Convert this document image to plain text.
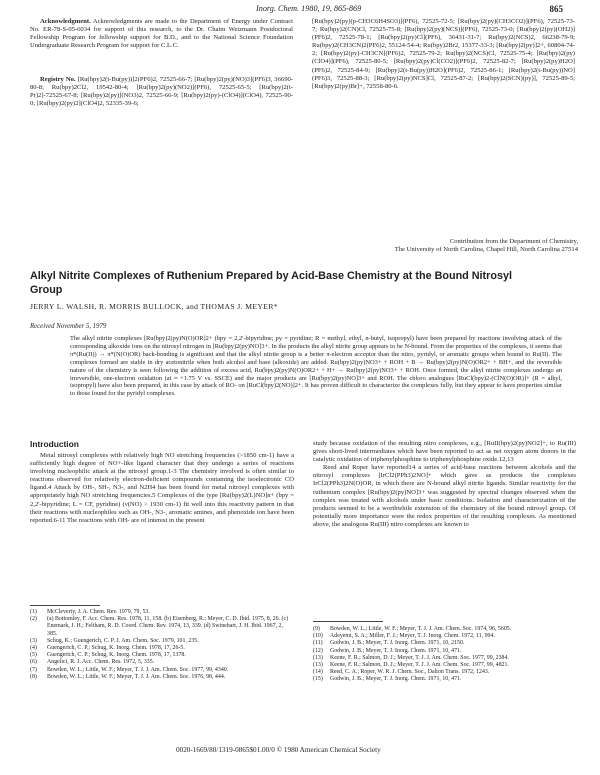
Inorg. Chem. 1980, 19, 865-869	865
Acknowledgment. Acknowledgments are made to the Department of Energy under Contract No. ER-78-S-05-6034 for support of this research, to the Dr. Chaim Weizmann Postdoctoral Fellowship Program for fellowship support for B.D., and to the National Science Foundation Undergraduate Research Program for support for C.L.C.
Registry No. [Ru(bpy)2(t-Bu(py))]2(PF6)2, 72525-66-7; [Ru(bpy)2(py)(NO)3](PF6)3, 36690-80-8; Ru(bpy)2Cl2, 19542-80-4; [Ru(bpy)2(py)(NO2)](PF6), 72525-65-5; [Ru(bpy)2(t-Pr)2]-72525-67-8; [Ru(bpy)2(py)](NO3)2, 72525-66-9; [Ru(bpy)2(py)-(ClO4)](ClO4), 72525-90-0; [Ru(bpy)2(py)2](ClO4)2, 52335-39-6;
[Ru(bpy)2(py)(p-CH3C6H4SO3)](PF6), 72525-72-5; [Ru(bpy)2(py)(CH3CO2)](PF6), 72525-73-7; Ru(bpy)2(CN)Cl, 72525-75-8; [Ru(bpy)2(py)(NCS)](PF6), 72525-73-0; [Ru(bpy)2(py)(OH2)](PF6)2, 72525-78-1; [Ru(bpy)2(py)Cl](PF6), 36431-31-7; Ru(bpy)2(NCS)2, 66238-79-9; Ru(bpy)2(CH3CN)2(PF6)2, 55124-54-4; Ru(bpy)2Br2, 15377-33-3; [Ru(bpy)2(py)]2+, 60804-74-2; [Ru(bpy)2(py)-CH3CN](PF6)2, 72525-79-2; Ru(bpy)2(NCS)Cl, 72525-75-4; [Ru(bpy)2(py)(ClO4)](PF6), 72525-80-5; [Ru(bpy)2(py)Cl(CO2)](PF6)2, 72525-82-7; [Ru(bpy)2(py)H2O](PF6)2, 72525-84-9; [Ru(bpy)2(t-Bu(py))H2O](PF6)2, 72525-86-1; [Ru(bpy)2(t-Bu(py))NO](PF6)3, 72525-88-3; [Ru(bpy)2(py)NCS]Cl, 72525-87-2; [Ru(bpy)2(SCN)(py)], 72525-89-5; [Ru(bpy)2(py)Br]+, 72558-80-6.
Contribution from the Department of Chemistry,
The University of North Carolina, Chapel Hill, North Carolina 27514
Alkyl Nitrite Complexes of Ruthenium Prepared by Acid-Base Chemistry at the Bound Nitrosyl Group
JERRY L. WALSH, R. MORRIS BULLOCK, and THOMAS J. MEYER*
Received November 5, 1979
The alkyl nitrite complexes [Ru(bpy)2(py)N(O)OR]2+ (bpy = 2,2'-bipyridine; py = pyridine; R = methyl, ethyl, n-butyl, isopropyl) have been prepared by reactions involving attack of the corresponding alkoxide ions on the nitrosyl nitrogen in [Ru(bpy)2(py)NO]3+. In the products the alkyl nitrite group appears to be N-bound. From the properties of the complexes, it seems that π*(Ru(II)) → π*(N(O)OR) back-bonding is significant and that the alkyl nitrite group is a better π-electron acceptor than the nitro, pyridyl, or aromatic groups when bound to Ru(II). The complexes formed are stable in dry acetonitrile when both alcohol and base (alkoxide) are added. Ru(bpy)2(py)NO3+ + ROH + B → Ru(bpy)2(py)N(O)OR2+ + BH+, and the reversible nature of the chemistry is seen following the addition of excess acid, Ru(bpy)2(py)N(O)OR2+ + H+ → Ru(bpy)2(py)NO3+ + ROH. Once formed, the alkyl nitrite complexes undergo an irreversible, one-electron oxidation (at ≈ +1.75 V vs. SSCE) and the major products are [Ru(bpy)2(py)NO]3+ and ROH. The chloro analogues [RuCl(bpy)2-(ClN(O)OR)]+ (R = alkyl, isopropyl) have also been prepared, in this case by attack of RO- on [RuCl(bpy)2(NO)]2+. It has proven difficult to characterize the complexes fully, but they appear to have properties similar to those found for the pyridyl complexes.
Introduction
Metal nitrosyl complexes with relatively high NO stretching frequencies (>1850 cm-1) have a sufficiently high degree of NO+-like ligand character that they undergo a series of reactions involving nucleophilic attack at the nitrosyl group.1-3 The chemistry involved is often similar to reactions observed for relatively electron-deficient compounds containing the isoelectronic CO ligand.4 Attack by OH-, SH-, N3-, and N2H4 has been found for metal nitrosyl complexes with appropriately high NO stretching frequencies.5 Complexes of the type [Ru(bpy)2(L)NO]n+ (bpy = 2,2'-bipyridine; L = CF, pyridine) (ν(NO) > 1930 cm-1) fit well into this reactivity pattern in that their reactions with nucleophiles such as OH-, N3-, aromatic amines, and phenoxide ion have been reported.6-11 The reactions with OH- are of interest in the present

study because oxidation of the resulting nitro complexes, e.g., [RuII(bpy)2(py)NO2]+, to Ru(III) gives short-lived intermediates which have been reported to act as net oxygen atom donors in the catalytic oxidation of triphenylphosphine to triphenylphosphine oxide.12,13

Reed and Roper have reported14 a series of acid-base reactions between alcohols and the nitrosyl complexes [IrCl2(PPh3)2NO]+ which gave as products the complexes IrCl2(PPh3)2N(O)OR, in which there are N-bound alkyl nitrite ligands. Similar reactivity for the ruthenium complex [Ru(bpy)2(py)NO]3+ was suggested by spectral changes observed when the complex was treated with alcohols under basic conditions. Isolation and characterization of the products seemed to be a worthwhile extension of the chemistry of the bound nitrosyl group. Of potentially more importance were the redox properties of the resulting complexes. As mentioned above, the analogous Ru(III) nitro complexes are known to

(1)	McCleverty, J. A. Chem. Rev. 1979, 79, 53.
(2)	(a) Bottomley, F. Acc. Chem. Res. 1978, 11, 158. (b) Eisenberg, R.; Meyer, C. D. Ibid. 1975, 8, 26. (c) Enemark, J. H.; Feltham, R. D. Coord. Chem. Rev. 1974, 13, 339. (d) Swinehart, J. H. Ibid. 1967, 2, 385.
(3)	Schug, K.; Guengerich, C. P. J. Am. Chem. Soc. 1979, 101, 235.
(4)	Guengerich, C. P.; Schug, K. Inorg. Chem. 1978, 17, 26-5.
(5)	Guengerich, C. P.; Schug, K. Inorg. Chem. 1978, 17, 1378.
(6)	Angelici, R. J. Acc. Chem. Res. 1972, 5, 335.
(7)	Bowden, W. L.; Little, W. F.; Meyer, T. J. J. Am. Chem. Soc. 1977, 99, 4340.
(8)	Bowden, W. L.; Little, W. F.; Meyer, T. J. J. Am. Chem. Soc. 1976, 98, 444.
(9)	Bowden, W. L.; Little, W. F.; Meyer, T. J. J. Am. Chem. Soc. 1974, 96, 5605.
(10)	Adeyemi, S. A.; Miller, F. J.; Meyer, T. J. Inorg. Chem. 1972, 11, 994.
(11)	Godwin, J. B.; Meyer, T. J. Inorg. Chem. 1971, 10, 2150.
(12)	Godwin, J. B.; Meyer, T. J. Inorg. Chem. 1971, 10, 471.
(13)	Keene, F. R.; Salmon, D. J.; Meyer, T. J. J. Am. Chem. Soc. 1977, 99, 2384.
(13)	Keene, F. R.; Salmon, D. J.; Meyer, T. J. J. Am. Chem. Soc. 1977, 99, 4821.
(14)	Reed, C. A.; Roper, W. R. J. Chem. Soc., Dalton Trans. 1972, 1243.
(15)	Godwin, J. B.; Meyer, T. J. Inorg. Chem. 1971, 10, 471.
0020-1669/80/1319-0865$01.00/0 © 1980 American Chemical Society
